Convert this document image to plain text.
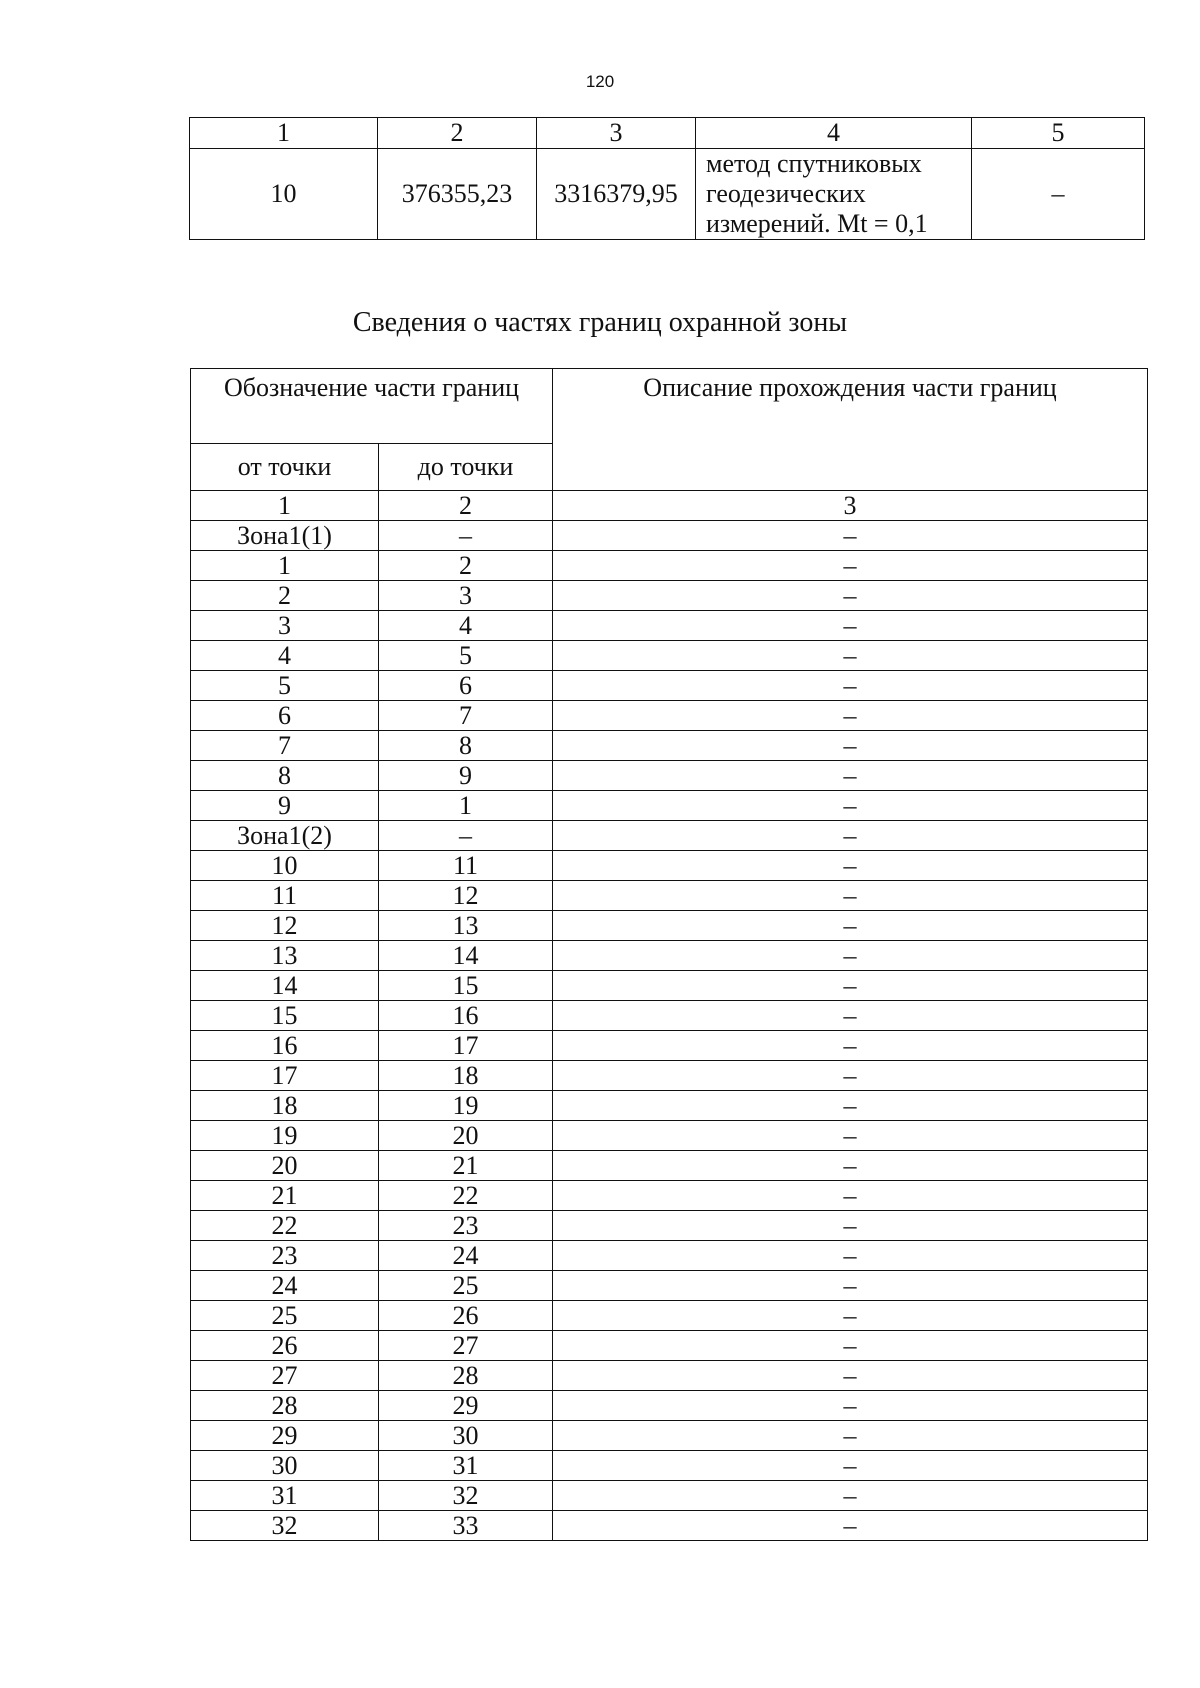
120
1	2	3	4	5
10	376355,23	3316379,95	метод спутниковых геодезических измерений. Mt = 0,1	–
Сведения о частях границ охранной зоны
Обозначение части границ		Описание прохождения части границ
от точки	до точки	
1	2	3
Зона1(1)	–	–
1	2	–
2	3	–
3	4	–
4	5	–
5	6	–
6	7	–
7	8	–
8	9	–
9	1	–
Зона1(2)	–	–
10	11	–
11	12	–
12	13	–
13	14	–
14	15	–
15	16	–
16	17	–
17	18	–
18	19	–
19	20	–
20	21	–
21	22	–
22	23	–
23	24	–
24	25	–
25	26	–
26	27	–
27	28	–
28	29	–
29	30	–
30	31	–
31	32	–
32	33	–
